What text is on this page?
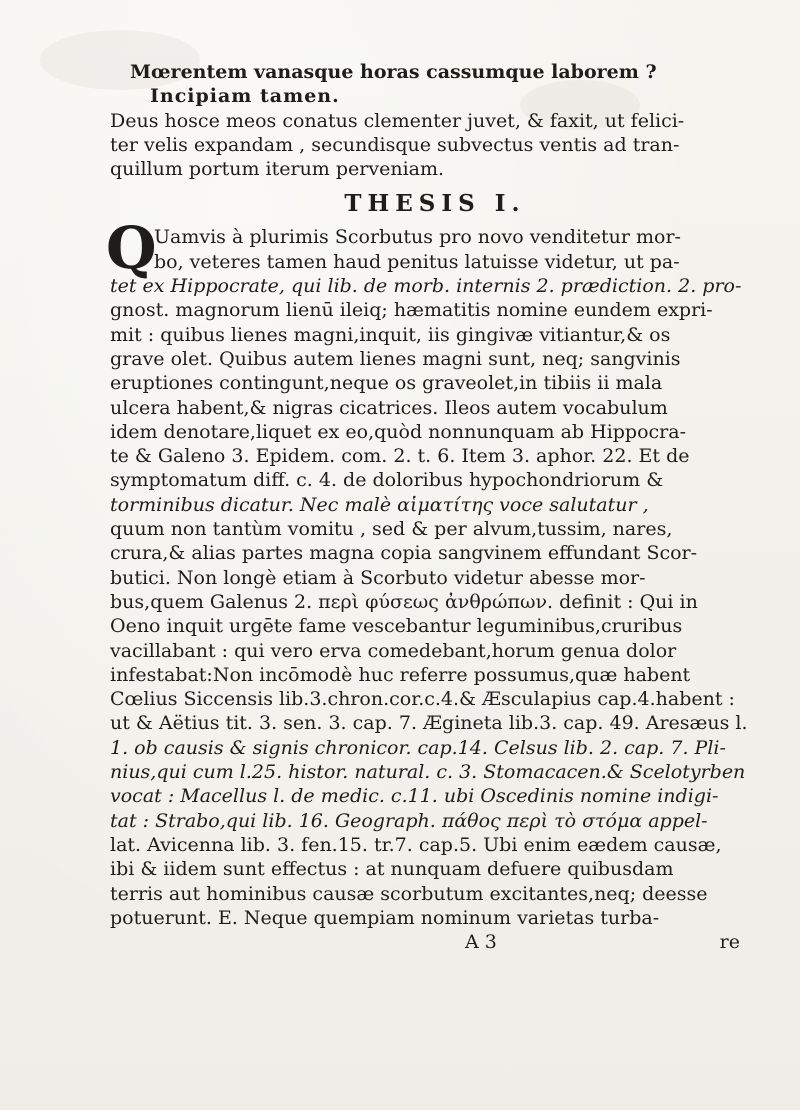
Mœrentem vanasque horas cassumque laborem ?
Incipiam tamen.
Deus hosce meos conatus clementer juvet, & faxit, ut felici-
ter velis expandam , secundisque subvectus ventis ad tran-
quillum portum iterum perveniam.
THESIS I.
Q
Uamvis à plurimis Scorbutus pro novo venditetur mor-
bo, veteres tamen haud penitus latuisse videtur, ut pa-
tet ex Hippocrate, qui lib. de morb. internis 2. prædiction. 2. pro-
gnost. magnorum lienū ileiq; hæmatitis nomine eundem expri-
mit : quibus lienes magni,inquit, iis gingivæ vitiantur,& os
grave olet. Quibus autem lienes magni sunt, neq; sangvinis
eruptiones contingunt,neque os graveolet,in tibiis ii mala
ulcera habent,& nigras cicatrices. Ileos autem vocabulum
idem denotare,liquet ex eo,quòd nonnunquam ab Hippocra-
te & Galeno 3. Epidem. com. 2. t. 6. Item 3. aphor. 22. Et de
symptomatum diff. c. 4. de doloribus hypochondriorum &
torminibus dicatur. Nec malè αἱματίτης voce salutatur ,
quum non tantùm vomitu , sed & per alvum,tussim, nares,
crura,& alias partes magna copia sangvinem effundant Scor-
butici. Non longè etiam à Scorbuto videtur abesse mor-
bus,quem Galenus 2. περὶ φύσεως ἀνθρώπων. definit : Qui in
Oeno inquit urgēte fame vescebantur leguminibus,cruribus
vacillabant : qui vero erva comedebant,horum genua dolor
infestabat:Non incōmodè huc referre possumus,quæ habent
Cœlius Siccensis lib.3.chron.cor.c.4.& Æsculapius cap.4.habent :
ut & Aëtius tit. 3. sen. 3. cap. 7. Ægineta lib.3. cap. 49. Aresæus l.
1. ob causis & signis chronicor. cap.14. Celsus lib. 2. cap. 7. Pli-
nius,qui cum l.25. histor. natural. c. 3. Stomacacen.& Scelotyrben
vocat : Macellus l. de medic. c.11. ubi Oscedinis nomine indigi-
tat : Strabo,qui lib. 16. Geograph. πάθος περὶ τὸ στόμα appel-
lat. Avicenna lib. 3. fen.15. tr.7. cap.5. Ubi enim eædem causæ,
ibi & iidem sunt effectus : at nunquam defuere quibusdam
terris aut hominibus causæ scorbutum excitantes,neq; deesse
potuerunt. E. Neque quempiam nominum varietas turba-
A 3	re
